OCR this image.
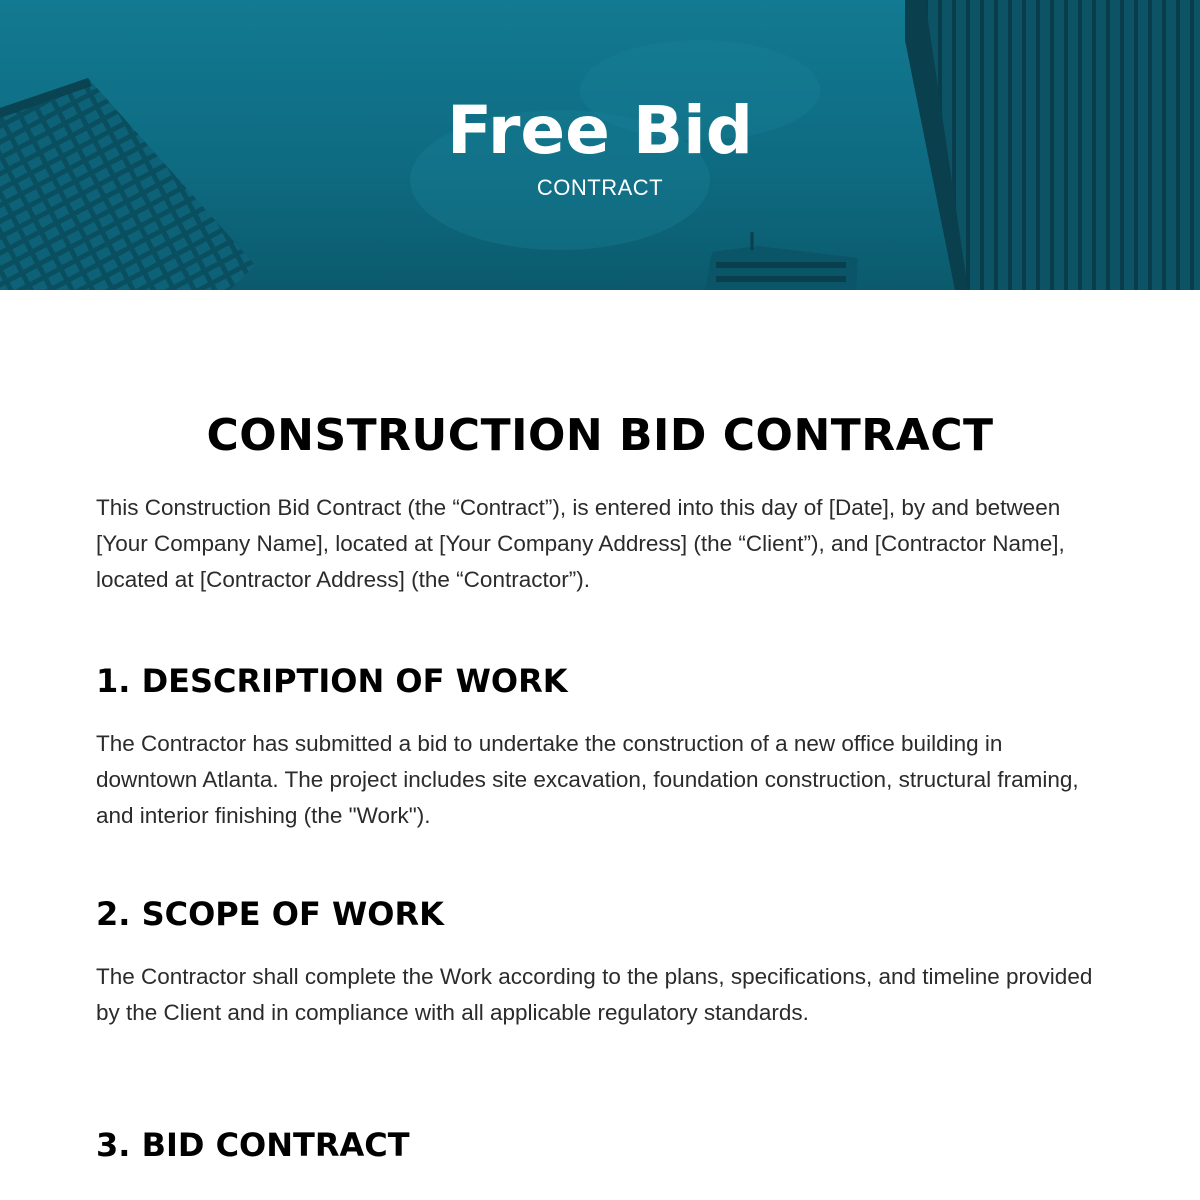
Free Bid
CONTRACT
CONSTRUCTION BID CONTRACT

This Construction Bid Contract (the “Contract”), is entered into this day of [Date], by and between [Your Company Name], located at [Your Company Address] (the “Client”), and [Contractor Name], located at [Contractor Address] (the “Contractor”).

1. DESCRIPTION OF WORK

The Contractor has submitted a bid to undertake the construction of a new office building in downtown Atlanta. The project includes site excavation, foundation construction, structural framing, and interior finishing (the "Work").

2. SCOPE OF WORK

The Contractor shall complete the Work according to the plans, specifications, and timeline provided by the Client and in compliance with all applicable regulatory standards.

3. BID CONTRACT
